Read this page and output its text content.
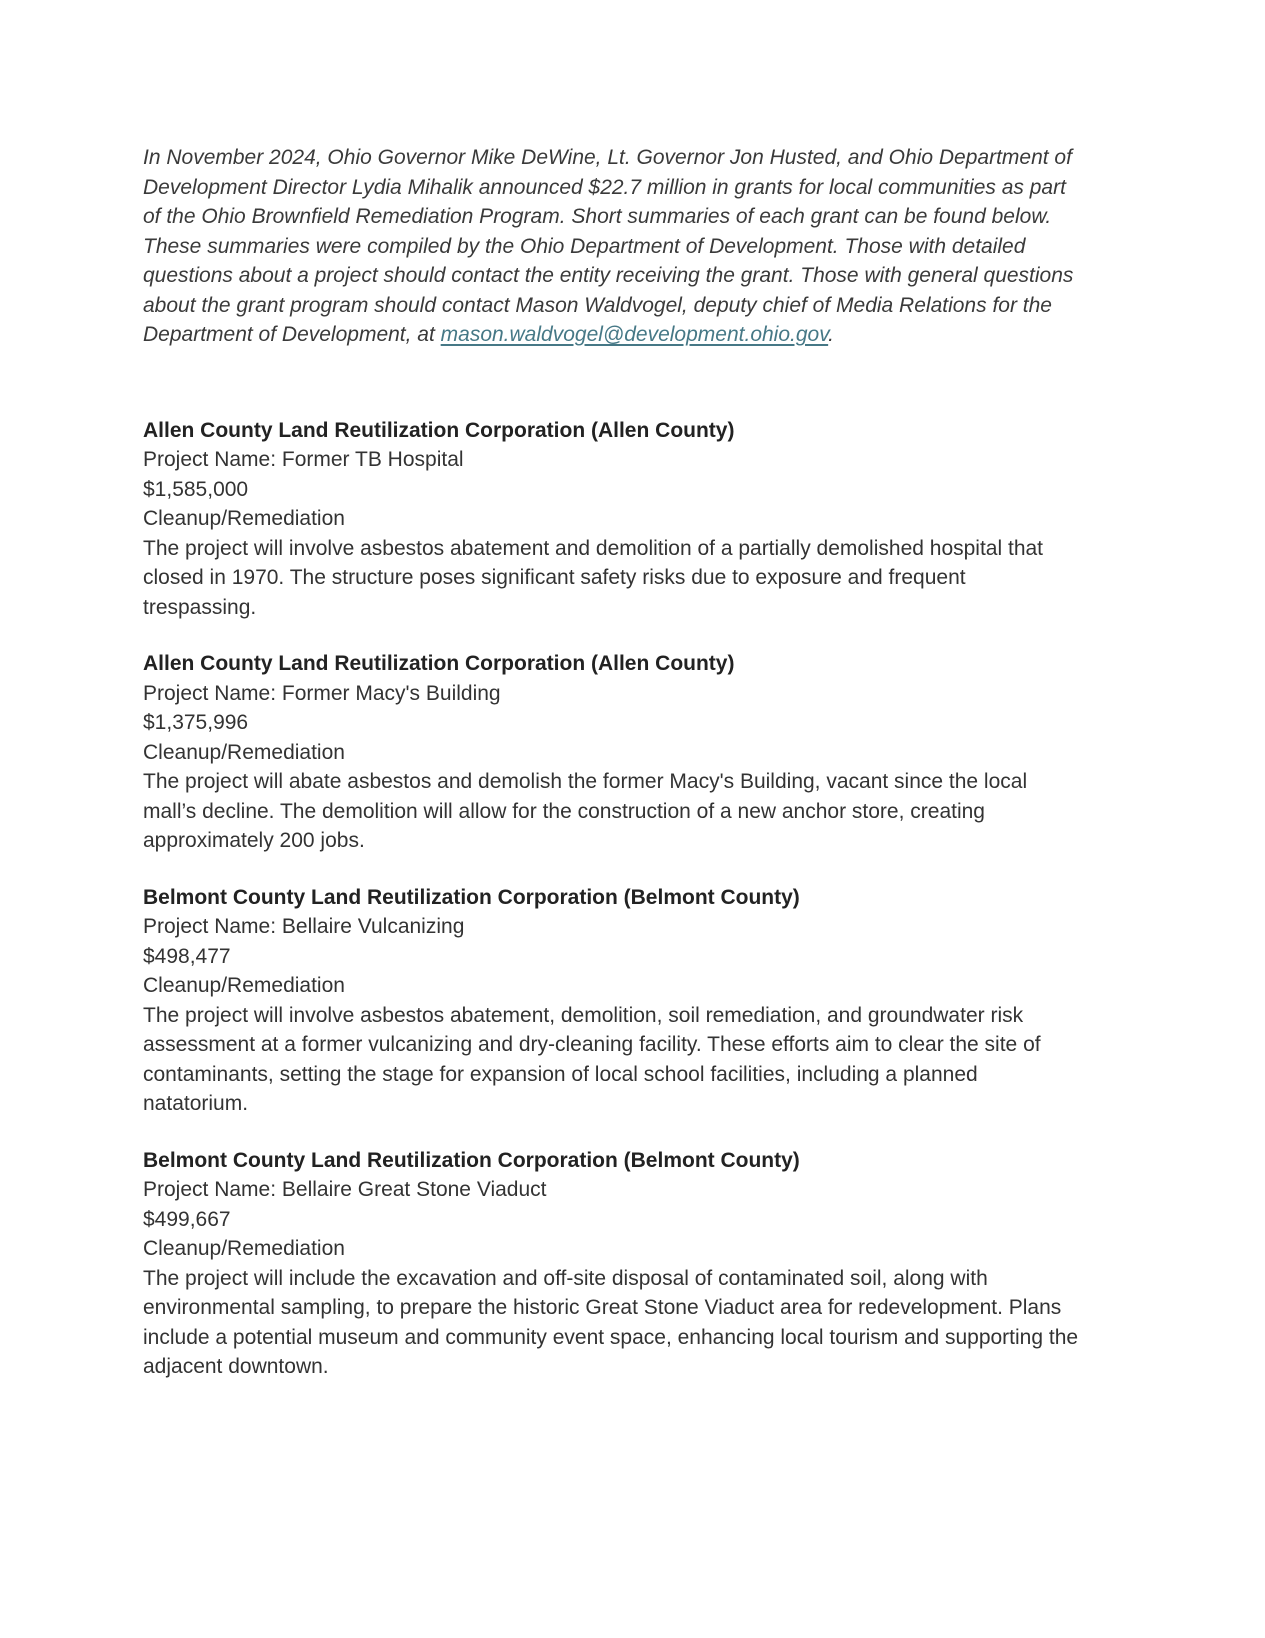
In November 2024, Ohio Governor Mike DeWine, Lt. Governor Jon Husted, and Ohio Department of Development Director Lydia Mihalik announced $22.7 million in grants for local communities as part of the Ohio Brownfield Remediation Program. Short summaries of each grant can be found below. These summaries were compiled by the Ohio Department of Development. Those with detailed questions about a project should contact the entity receiving the grant. Those with general questions about the grant program should contact Mason Waldvogel, deputy chief of Media Relations for the Department of Development, at mason.waldvogel@development.ohio.gov.

Allen County Land Reutilization Corporation (Allen County)

Project Name: Former TB Hospital

$1,585,000

Cleanup/Remediation

The project will involve asbestos abatement and demolition of a partially demolished hospital that closed in 1970. The structure poses significant safety risks due to exposure and frequent trespassing.

Allen County Land Reutilization Corporation (Allen County)

Project Name: Former Macy's Building

$1,375,996

Cleanup/Remediation

The project will abate asbestos and demolish the former Macy's Building, vacant since the local mall’s decline. The demolition will allow for the construction of a new anchor store, creating approximately 200 jobs.

Belmont County Land Reutilization Corporation (Belmont County)

Project Name: Bellaire Vulcanizing

$498,477

Cleanup/Remediation

The project will involve asbestos abatement, demolition, soil remediation, and groundwater risk assessment at a former vulcanizing and dry-cleaning facility. These efforts aim to clear the site of contaminants, setting the stage for expansion of local school facilities, including a planned natatorium.

Belmont County Land Reutilization Corporation (Belmont County)

Project Name: Bellaire Great Stone Viaduct

$499,667

Cleanup/Remediation

The project will include the excavation and off-site disposal of contaminated soil, along with environmental sampling, to prepare the historic Great Stone Viaduct area for redevelopment. Plans include a potential museum and community event space, enhancing local tourism and supporting the adjacent downtown.
